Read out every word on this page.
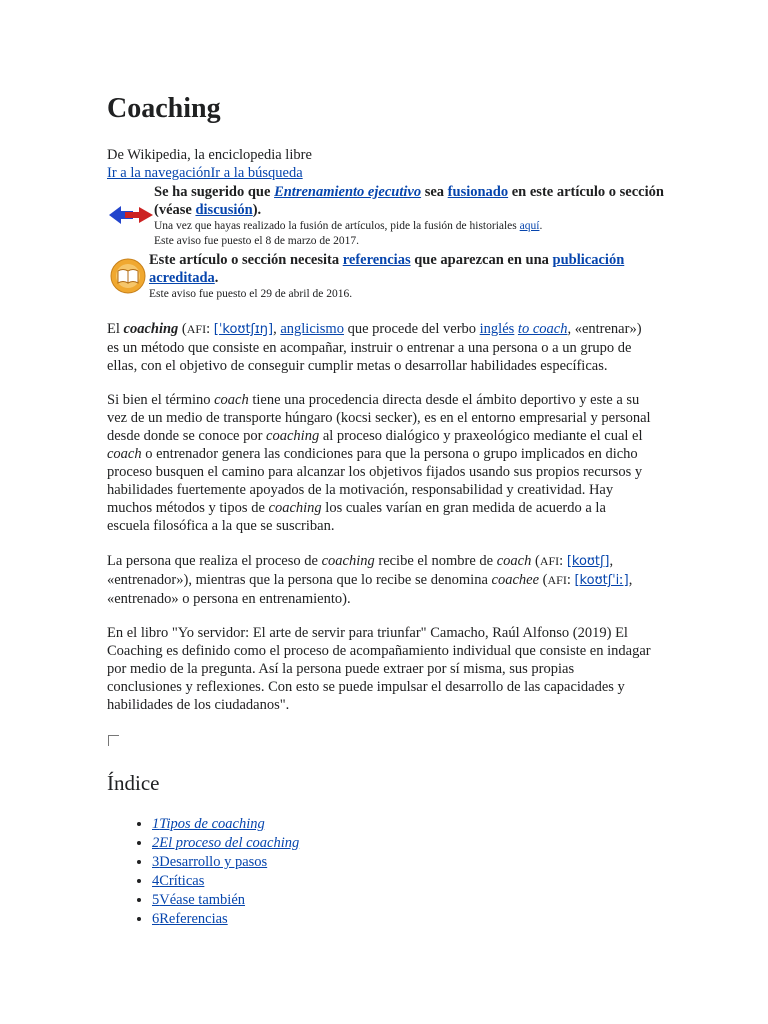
Coaching
De Wikipedia, la enciclopedia libre
Ir a la navegaciónIr a la búsqueda
Se ha sugerido que Entrenamiento ejecutivo sea fusionado en este artículo o sección (véase discusión).
Una vez que hayas realizado la fusión de artículos, pide la fusión de historiales aquí.
Este aviso fue puesto el 8 de marzo de 2017.
Este artículo o sección necesita referencias que aparezcan en una publicación acreditada.
Este aviso fue puesto el 29 de abril de 2016.

El coaching (AFI: [ˈkoʊtʃɪŋ], anglicismo que procede del verbo inglés to coach, «entrenar») es un método que consiste en acompañar, instruir o entrenar a una persona o a un grupo de ellas, con el objetivo de conseguir cumplir metas o desarrollar habilidades específicas.

Si bien el término coach tiene una procedencia directa desde el ámbito deportivo y este a su vez de un medio de transporte húngaro (kocsi secker), es en el entorno empresarial y personal desde donde se conoce por coaching al proceso dialógico y praxeológico mediante el cual el coach o entrenador genera las condiciones para que la persona o grupo implicados en dicho proceso busquen el camino para alcanzar los objetivos fijados usando sus propios recursos y habilidades fuertemente apoyados de la motivación, responsabilidad y creatividad. Hay muchos métodos y tipos de coaching los cuales varían en gran medida de acuerdo a la escuela filosófica a la que se suscriban.

La persona que realiza el proceso de coaching recibe el nombre de coach (AFI: [koʊtʃ], «entrenador»), mientras que la persona que lo recibe se denomina coachee (AFI: [koʊtʃˈiː], «entrenado» o persona en entrenamiento).

En el libro "Yo servidor: El arte de servir para triunfar" Camacho, Raúl Alfonso (2019) El Coaching es definido como el proceso de acompañamiento individual que consiste en indagar por medio de la pregunta. Así la persona puede extraer por sí misma, sus propias conclusiones y reflexiones. Con esto se puede impulsar el desarrollo de las capacidades y habilidades de los ciudadanos".

Índice
• 1Tipos de coaching
• 2El proceso del coaching
• 3Desarrollo y pasos
• 4Críticas
• 5Véase también
• 6Referencias
